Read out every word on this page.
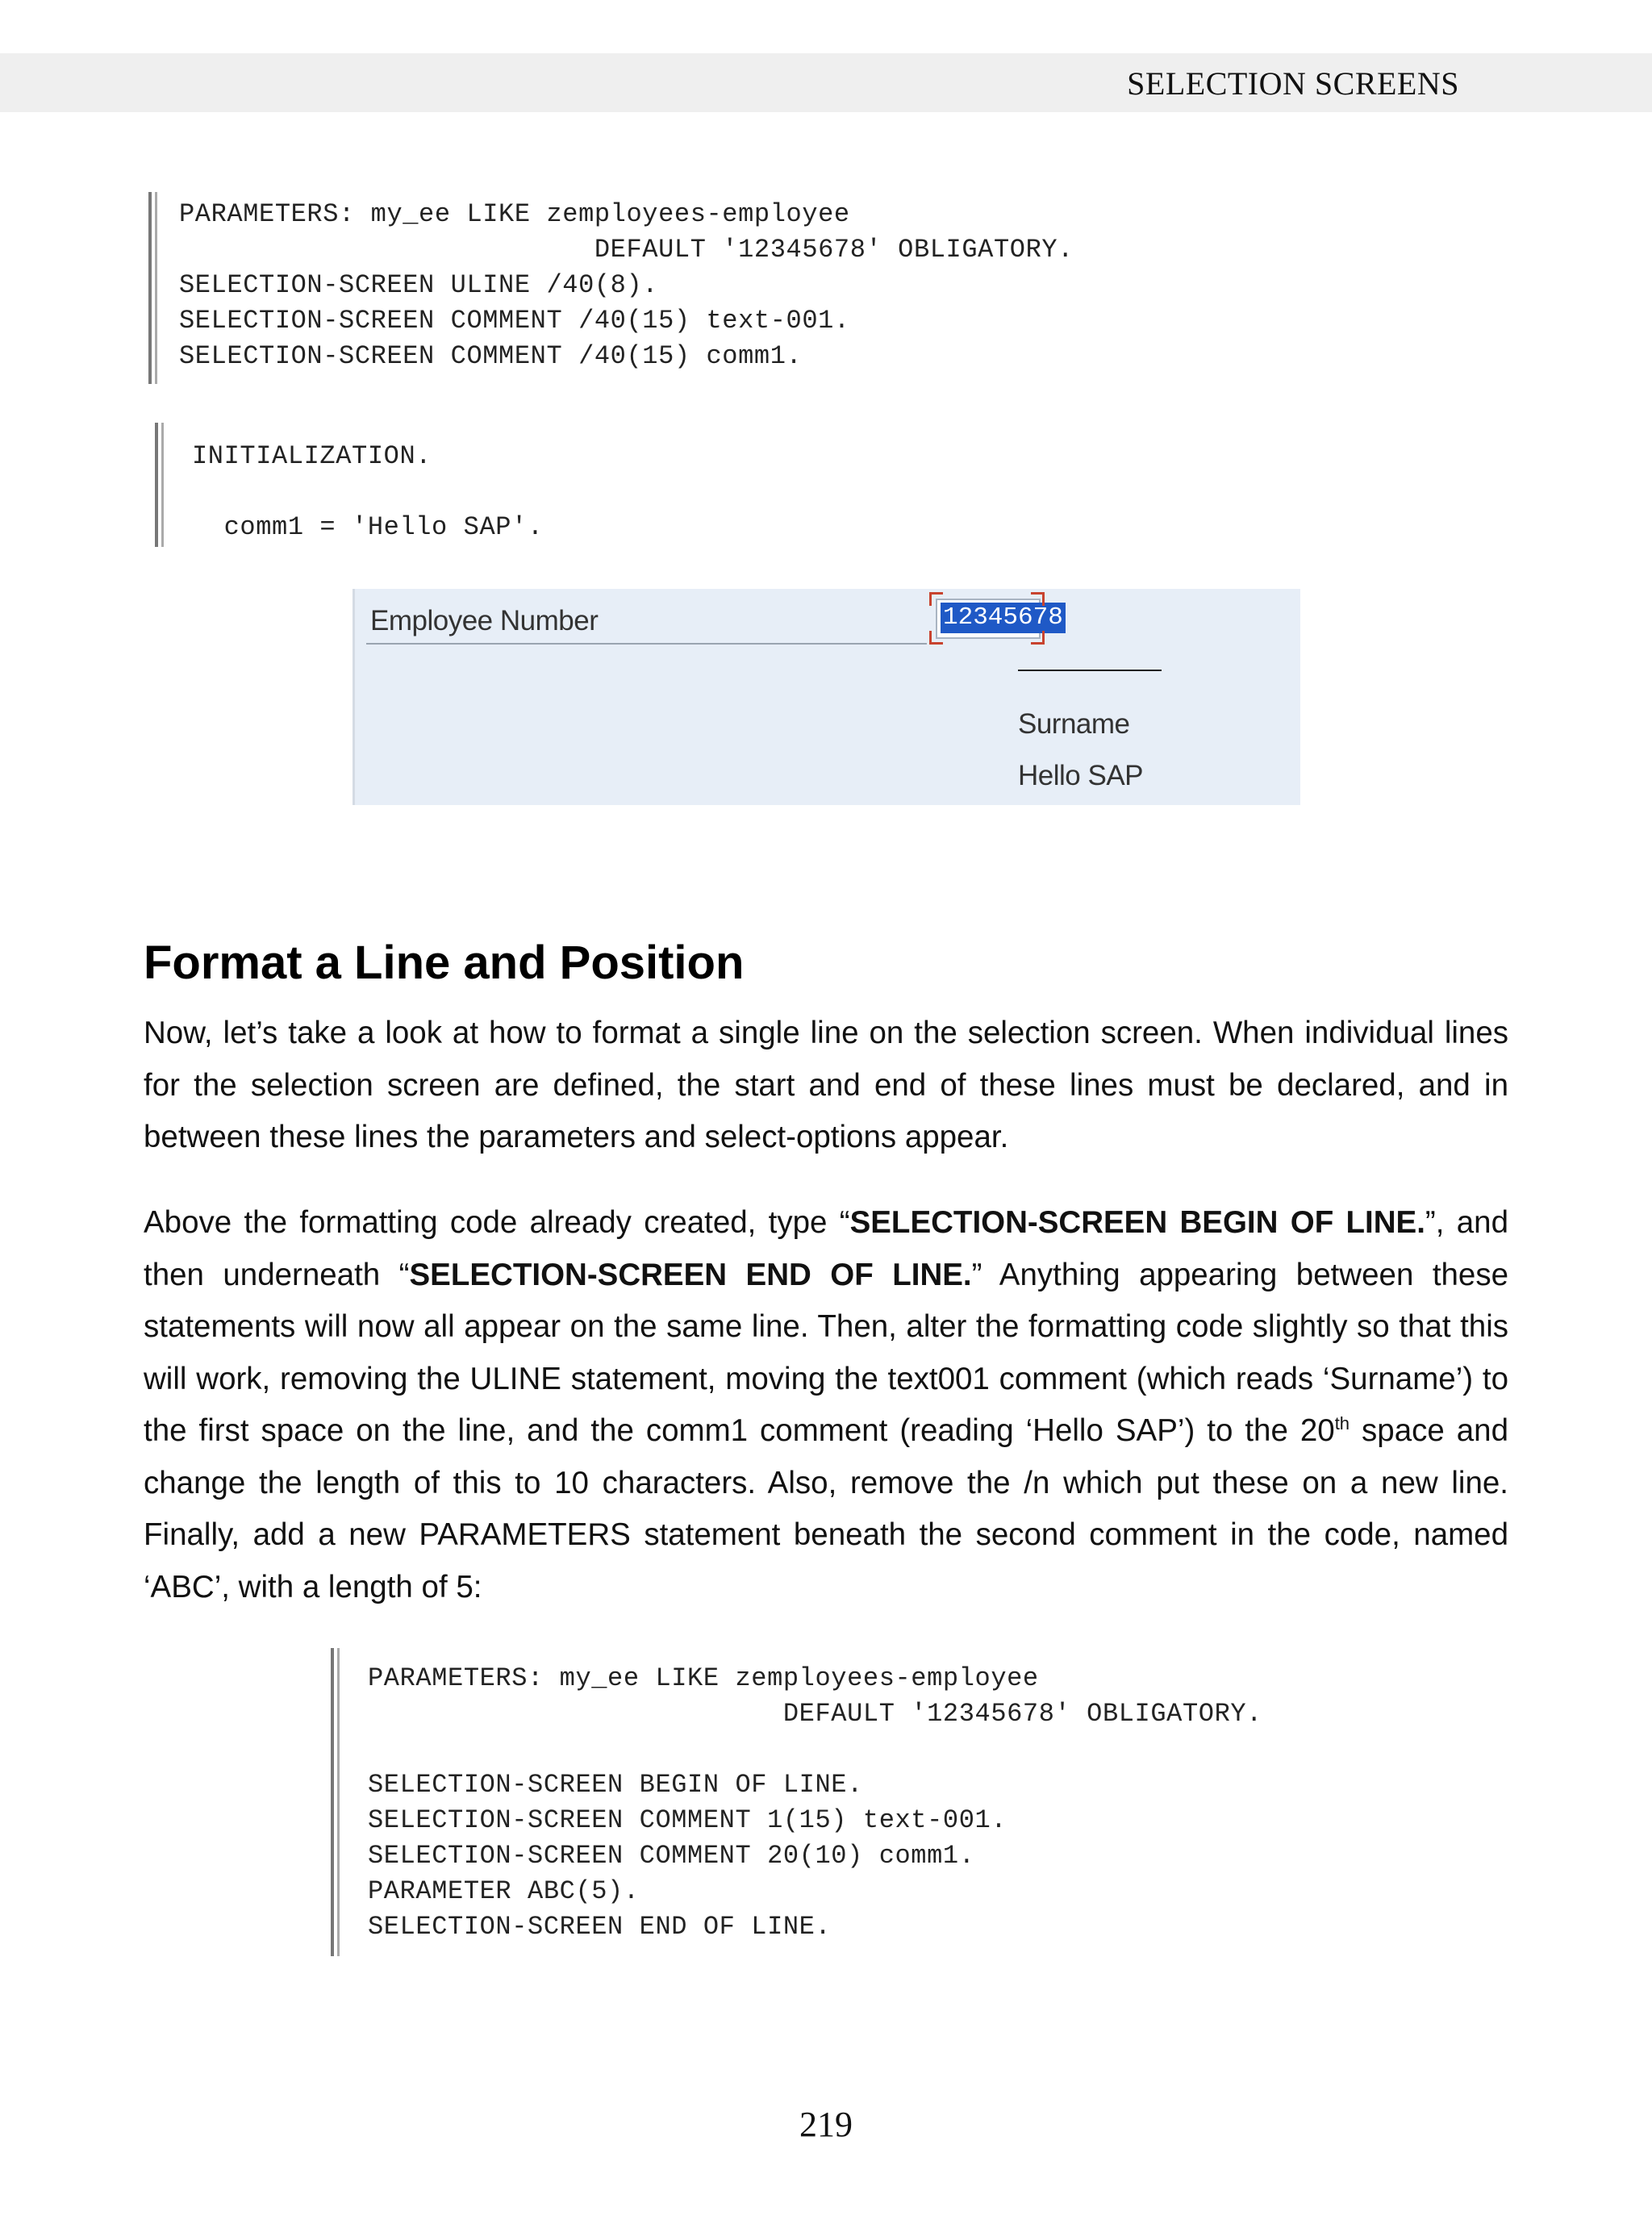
SELECTION SCREENS

PARAMETERS: my_ee LIKE zemployees-employee

DEFAULT '12345678' OBLIGATORY.

SELECTION-SCREEN ULINE /40(8).

SELECTION-SCREEN COMMENT /40(15) text-001.

SELECTION-SCREEN COMMENT /40(15) comm1.

INITIALIZATION.

comm1 = 'Hello SAP'.

Employee Number	12345678
Surname
Hello SAP
Format a Line and Position
Now, let’s take a look at how to format a single line on the selection screen. When individual lines for the selection screen are defined, the start and end of these lines must be declared, and in between these lines the parameters and select-options appear.
Above the formatting code already created, type “SELECTION-SCREEN BEGIN OF LINE.”, and then underneath “SELECTION-SCREEN END OF LINE.” Anything appearing between these statements will now all appear on the same line. Then, alter the formatting code slightly so that this will work, removing the ULINE statement, moving the text001 comment (which reads ‘Surname’) to the first space on the line, and the comm1 comment (reading ‘Hello SAP’) to the 20th space and change the length of this to 10 characters. Also, remove the /n which put these on a new line. Finally, add a new PARAMETERS statement beneath the second comment in the code, named ‘ABC’, with a length of 5:

PARAMETERS: my_ee LIKE zemployees-employee

DEFAULT '12345678' OBLIGATORY.

SELECTION-SCREEN BEGIN OF LINE.

SELECTION-SCREEN COMMENT 1(15) text-001.

SELECTION-SCREEN COMMENT 20(10) comm1.

PARAMETER ABC(5).

SELECTION-SCREEN END OF LINE.

219
